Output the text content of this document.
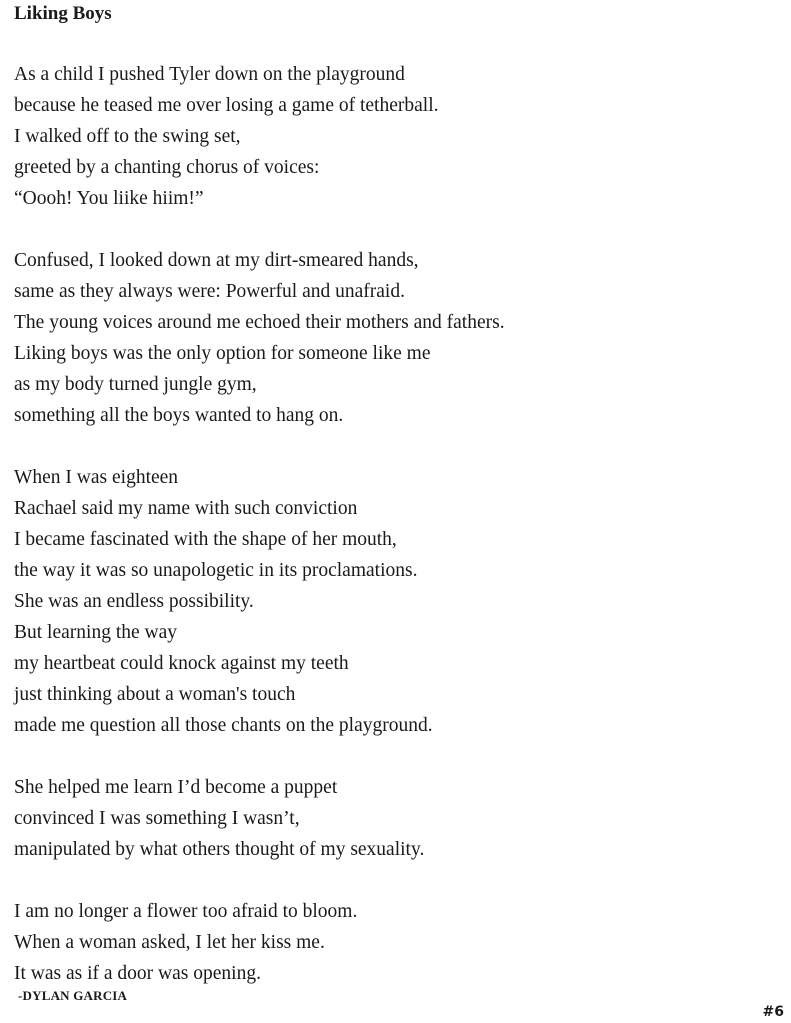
Liking Boys
As a child I pushed Tyler down on the playground
because he teased me over losing a game of tetherball.
I walked off to the swing set,
greeted by a chanting chorus of voices:
“Oooh! You liike hiim!”
Confused, I looked down at my dirt-smeared hands,
same as they always were: Powerful and unafraid.
The young voices around me echoed their mothers and fathers.
Liking boys was the only option for someone like me
as my body turned jungle gym,
something all the boys wanted to hang on.
When I was eighteen
Rachael said my name with such conviction
I became fascinated with the shape of her mouth,
the way it was so unapologetic in its proclamations.
She was an endless possibility.
But learning the way
my heartbeat could knock against my teeth
just thinking about a woman's touch
made me question all those chants on the playground.
She helped me learn I’d become a puppet
convinced I was something I wasn’t,
manipulated by what others thought of my sexuality.
I am no longer a flower too afraid to bloom.
When a woman asked, I let her kiss me.
It was as if a door was opening.
-DYLAN GARCIA
#6
